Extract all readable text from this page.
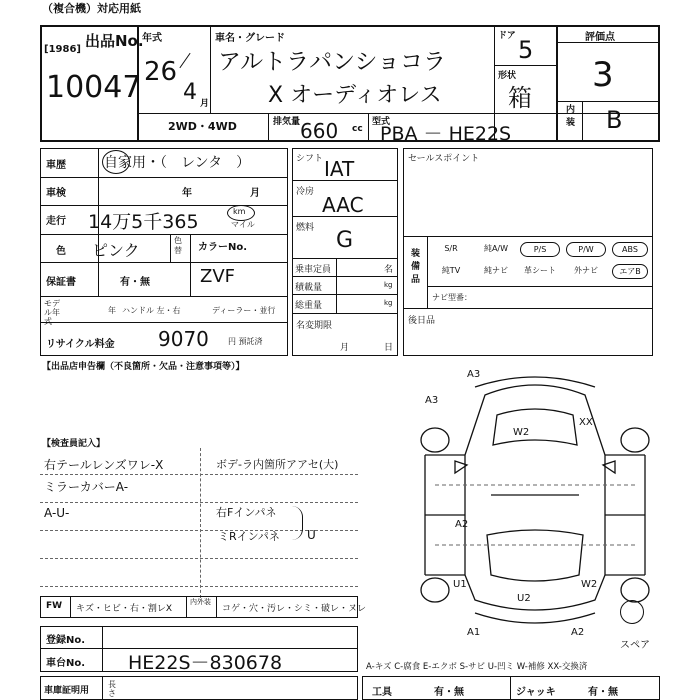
（複合機）対応用紙
出品No.
[1986]
10047
年式
26
4 月
車名・グレード
アルトラパンショコラ
X オーディオレス
ドア 5
形状
箱
評価点
3
内装 B
2WD・4WD	排気量 660 cc
型式
PBA － HE22S
車歴	自家用・（　レンタ　）
車検	年	月
走行 14万5千365	km
マイル
色 ピンク
色替 カラーNo.
保証書	有・無	ZVF
モデル年式
年 ハンドル 左・右	ディーラー・並行
リサイクル料金 9070 円 預託済
シフト IAT
冷房
AAC
燃料 G
乗車定員	名
積載量	kg
総重量	kg
名変期限
月	日
セールスポイント
装備品
S/R	純A/W	P/S	P/W	ABS
純TV	純ナビ	革シート	外ナビ	エアB
ナビ型番：
後日品
【出品店申告欄（不良箇所・欠品・注意事項等）】
【検査員記入】
右テールレンズワレ-X	ボデ-ラ内箇所アアセ(大)
ミラーカバーA-
A-U-	右Fインパネ
ミRインパネ U
A3
A3
W2
XX
A2
U1
U2
W2
A1	A2
スペア
FW キズ・ヒビ・右・割レX
内外装
コゲ・穴・汚レ・シミ・破レ・ヌレ
登録No.
車台No. HE22S－830678
車庫証明用
長さ
A-キズ C-腐食 E-エクボ S-サビ U-凹ミ W-補修 XX-交換済
工具	有・無	ジャッキ	有・無
